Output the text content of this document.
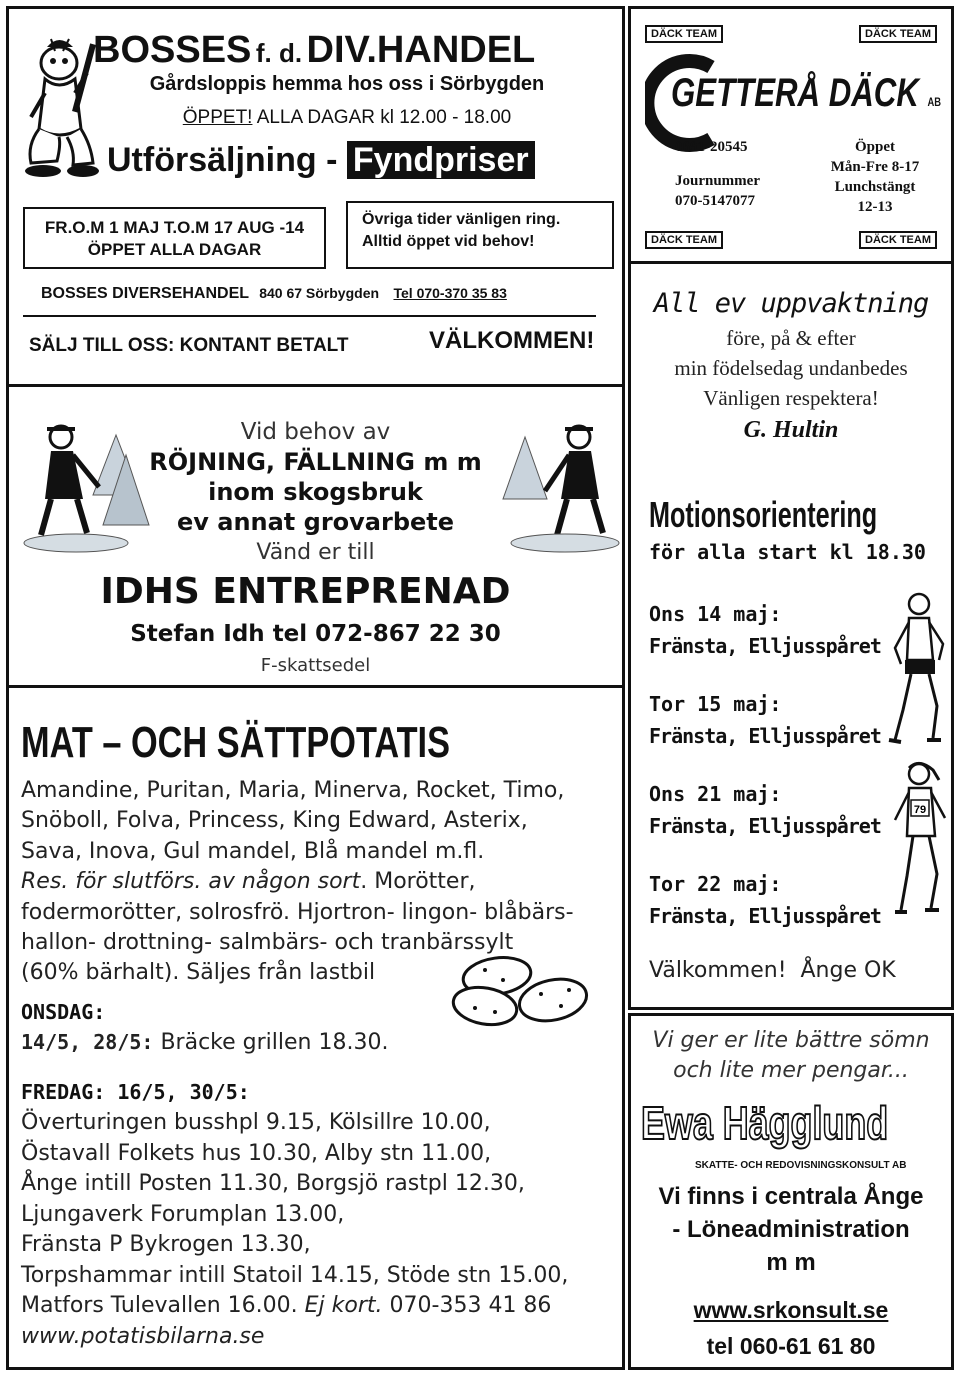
BOSSES f. d. DIV.HANDEL
Gårdsloppis hemma hos oss i Sörbygden
ÖPPET! ALLA DAGAR kl 12.00 - 18.00
Utförsäljning - Fyndpriser
FR.O.M 1 MAJ T.O.M 17 AUG -14
ÖPPET ALLA DAGAR
Övriga tider vänligen ring.
Alltid öppet vid behov!
BOSSES DIVERSEHANDEL 840 67 Sörbygden Tel 070-370 35 83
SÄLJ TILL OSS: KONTANT BETALT	VÄLKOMMEN!
Vid behov av
RÖJNING, FÄLLNING m m
inom skogsbruk
ev annat grovarbete
Vänd er till
IDHS ENTREPRENAD
Stefan Idh tel 072-867 22 30
F-skattsedel
MAT – OCH SÄTTPOTATIS
Amandine, Puritan, Maria, Minerva, Rocket, Timo,
Snöboll, Folva, Princess, King Edward, Asterix,
Sava, Inova, Gul mandel, Blå mandel m.fl.
Res. för slutförs. av någon sort. Morötter,
fodermorötter, solrosfrö. Hjortron- lingon- blåbärs-
hallon- drottning- salmbärs- och tranbärssylt
(60% bärhalt). Säljes från lastbil
ONSDAG:
14/5, 28/5: Bräcke grillen 18.30.
FREDAG: 16/5, 30/5:
Överturingen busshpl 9.15, Kölsillre 10.00,
Östavall Folkets hus 10.30, Alby stn 11.00,
Ånge intill Posten 11.30, Borgsjö rastpl 12.30,
Ljungaverk Forumplan 13.00,
Fränsta P Bykrogen 13.30,
Torpshammar intill Statoil 14.15, Stöde stn 15.00,
Matfors Tulevallen 16.00. Ej kort. 070-353 41 86
www.potatisbilarna.se
DÄCK TEAM	DÄCK TEAM
GETTERÅ DÄCK AB
0691-20545
Journummer
070-5147077
Öppet
Mån-Fre 8-17
Lunchstängt
12-13
DÄCK TEAM	DÄCK TEAM
All ev uppvaktning
före, på & efter
min födelsedag undanbedes
Vänligen respektera!
G. Hultin
Motionsorientering
för alla start kl 18.30
Ons 14 maj:
Fränsta, Elljusspåret
Tor 15 maj:
Fränsta, Elljusspåret
Ons 21 maj:
Fränsta, Elljusspåret
Tor 22 maj:
Fränsta, Elljusspåret
79
Välkommen!  Ånge OK
Vi ger er lite bättre sömn
och lite mer pengar...
Ewa Hägglund
SKATTE- OCH REDOVISNINGSKONSULT AB
Vi finns i centrala Ånge
- Löneadministration
m m
www.srkonsult.se
tel 060-61 61 80
